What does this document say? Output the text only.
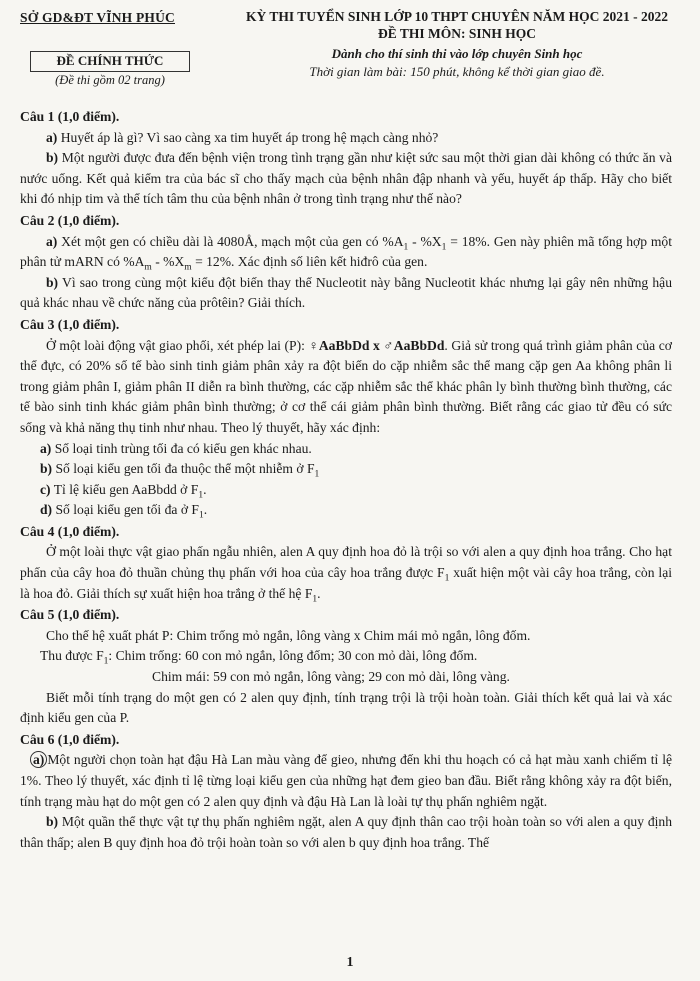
SỞ GD&ĐT VĨNH PHÚC
ĐỀ CHÍNH THỨC
(Đề thi gồm 02 trang)
KỲ THI TUYỂN SINH LỚP 10 THPT CHUYÊN NĂM HỌC 2021 - 2022
ĐỀ THI MÔN: SINH HỌC
Dành cho thí sinh thi vào lớp chuyên Sinh học
Thời gian làm bài: 150 phút, không kể thời gian giao đề.
Câu 1 (1,0 điểm).
a) Huyết áp là gì? Vì sao càng xa tim huyết áp trong hệ mạch càng nhỏ?
b) Một người được đưa đến bệnh viện trong tình trạng gần như kiệt sức sau một thời gian dài không có thức ăn và nước uống. Kết quả kiểm tra của bác sĩ cho thấy mạch của bệnh nhân đập nhanh và yếu, huyết áp thấp. Hãy cho biết khi đó nhịp tim và thể tích tâm thu của bệnh nhân ở trong tình trạng như thế nào?
Câu 2 (1,0 điểm).
a) Xét một gen có chiều dài là 4080Å, mạch một của gen có $\%A_1 - \%X_1 = 18\%$. Gen này phiên mã tổng hợp một phân tử mARN có $\%A_m - \%X_m = 12\%$. Xác định số liên kết hiđrô của gen.
b) Vì sao trong cùng một kiểu đột biến thay thế Nucleotit này bằng Nucleotit khác nhưng lại gây nên những hậu quả khác nhau về chức năng của prôtêin? Giải thích.
Câu 3 (1,0 điểm).
Ở một loài động vật giao phối, xét phép lai (P): ♀AaBbDd x ♂AaBbDd. Giả sử trong quá trình giảm phân của cơ thể đực, có 20% số tế bào sinh tinh giảm phân xảy ra đột biến do cặp nhiễm sắc thể mang cặp gen Aa không phân li trong giảm phân I, giảm phân II diễn ra bình thường, các cặp nhiễm sắc thể khác phân ly bình thường bình thường, các tế bào sinh tinh khác giảm phân bình thường; ở cơ thể cái giảm phân bình thường. Biết rằng các giao tử đều có sức sống và khả năng thụ tinh như nhau. Theo lý thuyết, hãy xác định:
a) Số loại tinh trùng tối đa có kiểu gen khác nhau.
b) Số loại kiểu gen tối đa thuộc thể một nhiễm ở $F_1$
c) Tỉ lệ kiểu gen AaBbdd ở $F_1$.
d) Số loại kiểu gen tối đa ở $F_1$.
Câu 4 (1,0 điểm).
Ở một loài thực vật giao phấn ngẫu nhiên, alen A quy định hoa đỏ là trội so với alen a quy định hoa trắng. Cho hạt phấn của cây hoa đỏ thuần chủng thụ phấn với hoa của cây hoa trắng được $F_1$ xuất hiện một vài cây hoa trắng, còn lại là hoa đỏ. Giải thích sự xuất hiện hoa trắng ở thế hệ $F_1$.
Câu 5 (1,0 điểm).
Cho thế hệ xuất phát P: Chim trống mỏ ngắn, lông vàng x Chim mái mỏ ngắn, lông đốm.
Thu được $F_1$: Chim trống: 60 con mỏ ngắn, lông đốm; 30 con mỏ dài, lông đốm.
Chim mái: 59 con mỏ ngắn, lông vàng; 29 con mỏ dài, lông vàng.
Biết mỗi tính trạng do một gen có 2 alen quy định, tính trạng trội là trội hoàn toàn. Giải thích kết quả lai và xác định kiểu gen của P.
Câu 6 (1,0 điểm).
a) Một người chọn toàn hạt đậu Hà Lan màu vàng để gieo, nhưng đến khi thu hoạch có cả hạt màu xanh chiếm tỉ lệ 1%. Theo lý thuyết, xác định tỉ lệ từng loại kiểu gen của những hạt đem gieo ban đầu. Biết rằng không xảy ra đột biến, tính trạng màu hạt do một gen có 2 alen quy định và đậu Hà Lan là loài tự thụ phấn nghiêm ngặt.
b) Một quần thể thực vật tự thụ phấn nghiêm ngặt, alen A quy định thân cao trội hoàn toàn so với alen a quy định thân thấp; alen B quy định hoa đỏ trội hoàn toàn so với alen b quy định hoa trắng. Thế
1
